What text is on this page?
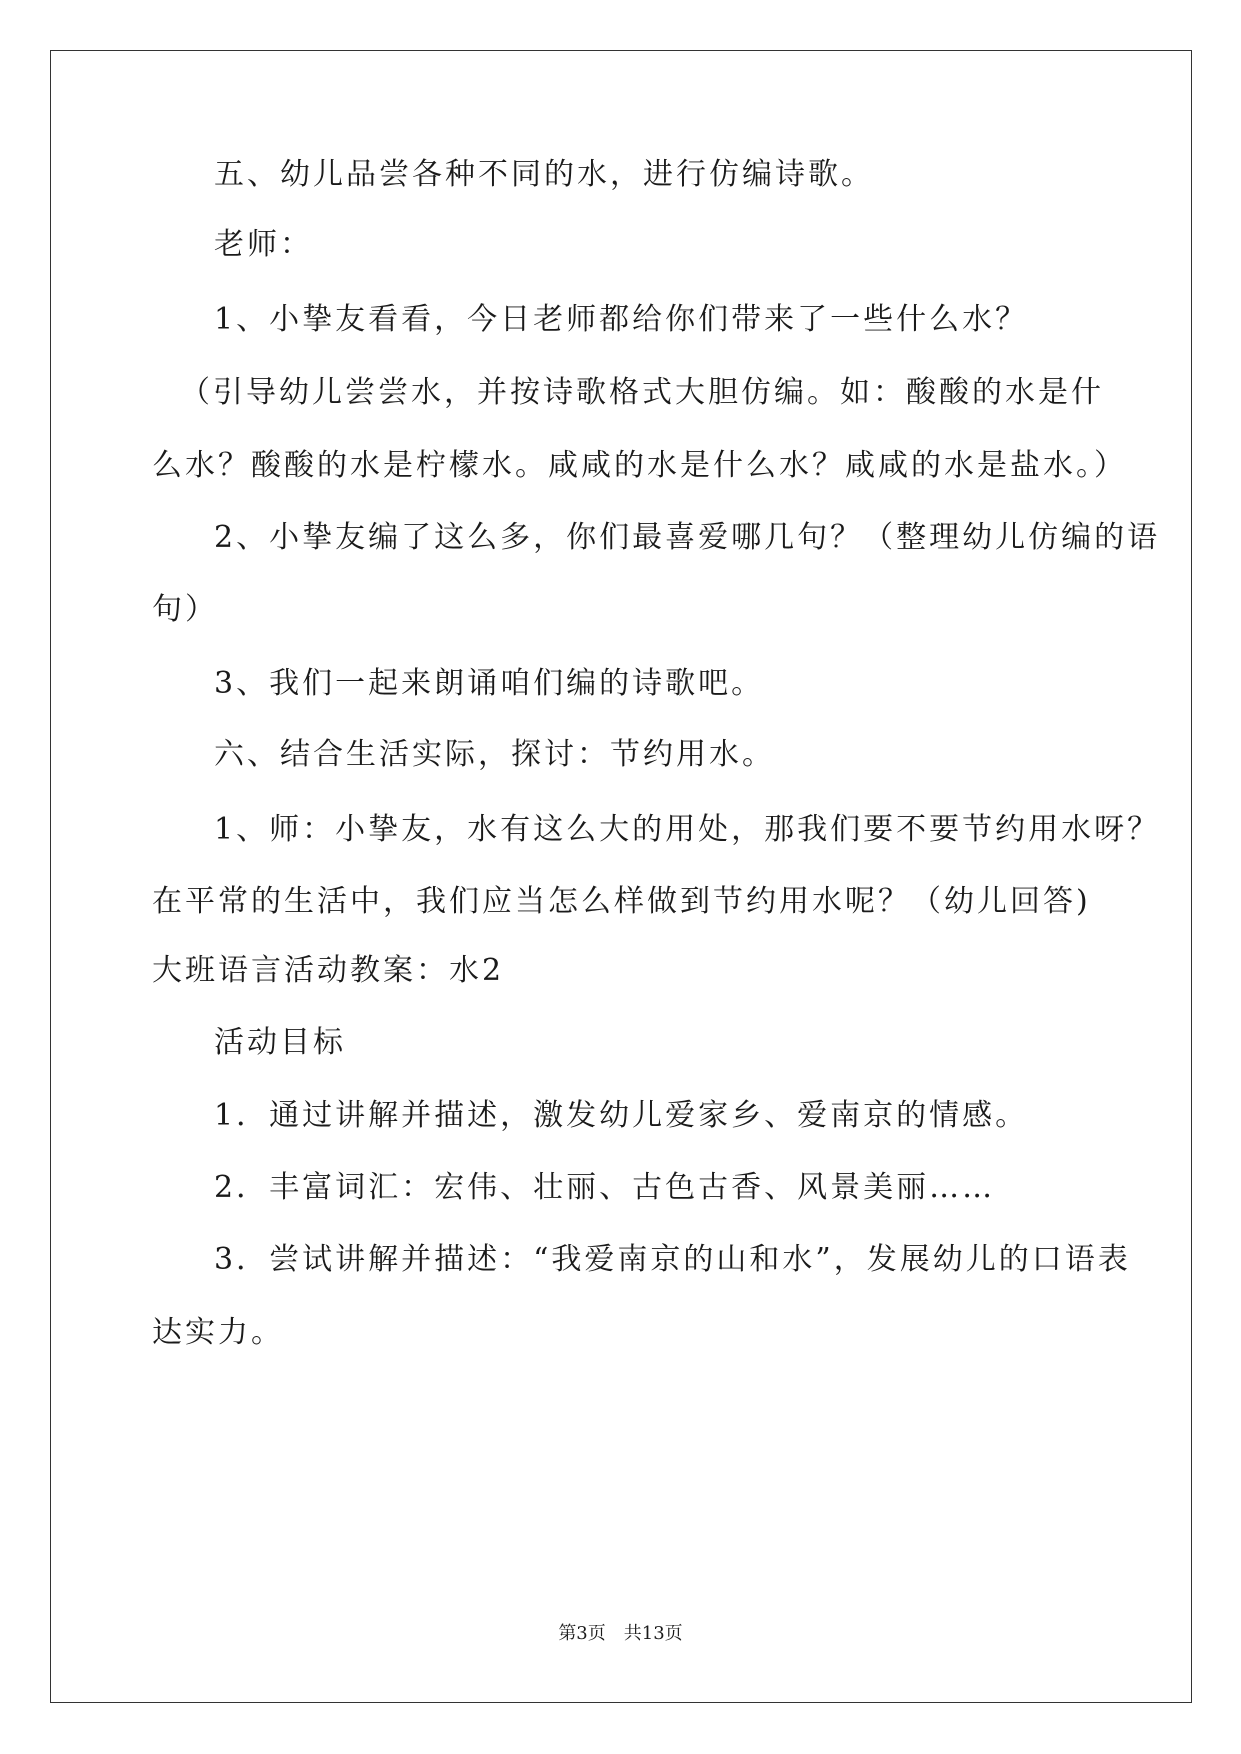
五、幼儿品尝各种不同的水，进行仿编诗歌。
老师：
1、小挚友看看，今日老师都给你们带来了一些什么水？
（引导幼儿尝尝水，并按诗歌格式大胆仿编。如：酸酸的水是什
么水？酸酸的水是柠檬水。咸咸的水是什么水？咸咸的水是盐水。）
2、小挚友编了这么多，你们最喜爱哪几句？（整理幼儿仿编的语
句）
3、我们一起来朗诵咱们编的诗歌吧。
六、结合生活实际，探讨：节约用水。
1、师：小挚友，水有这么大的用处，那我们要不要节约用水呀？
在平常的生活中，我们应当怎么样做到节约用水呢？（幼儿回答)
大班语言活动教案：水2
活动目标
1．通过讲解并描述，激发幼儿爱家乡、爱南京的情感。
2．丰富词汇：宏伟、壮丽、古色古香、风景美丽……
3．尝试讲解并描述：“我爱南京的山和水”，发展幼儿的口语表
达实力。
第3页　共13页
